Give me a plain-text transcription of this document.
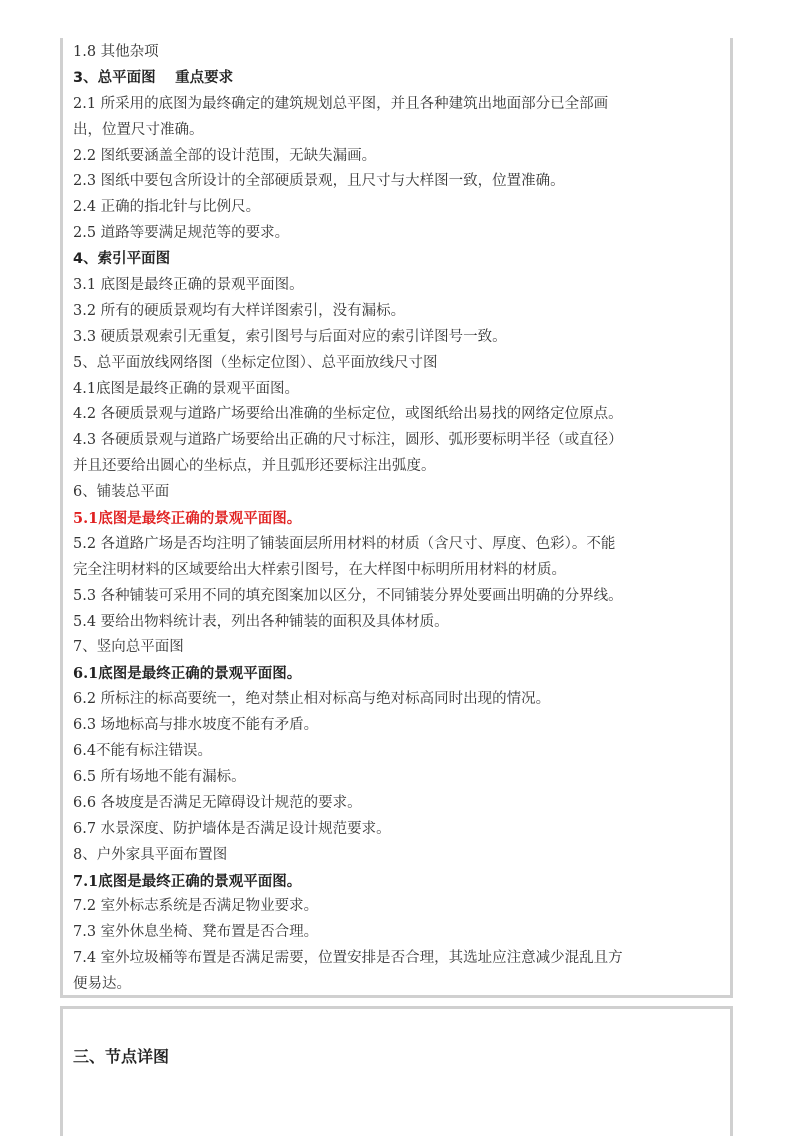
1.8 其他杂项
3、总平面图　 重点要求
2.1 所采用的底图为最终确定的建筑规划总平图，并且各种建筑出地面部分已全部画
出，位置尺寸准确。
2.2 图纸要涵盖全部的设计范围，无缺失漏画。
2.3 图纸中要包含所设计的全部硬质景观，且尺寸与大样图一致，位置准确。
2.4 正确的指北针与比例尺。
2.5 道路等要满足规范等的要求。
4、索引平面图
3.1 底图是最终正确的景观平面图。
3.2 所有的硬质景观均有大样详图索引，没有漏标。
3.3 硬质景观索引无重复，索引图号与后面对应的索引详图号一致。
5、总平面放线网络图（坐标定位图）、总平面放线尺寸图
4.1底图是最终正确的景观平面图。
4.2 各硬质景观与道路广场要给出准确的坐标定位，或图纸给出易找的网络定位原点。
4.3 各硬质景观与道路广场要给出正确的尺寸标注，圆形、弧形要标明半径（或直径）
并且还要给出圆心的坐标点，并且弧形还要标注出弧度。
6、铺装总平面
5.1底图是最终正确的景观平面图。
5.2 各道路广场是否均注明了铺装面层所用材料的材质（含尺寸、厚度、色彩）。不能
完全注明材料的区域要给出大样索引图号，在大样图中标明所用材料的材质。
5.3 各种铺装可采用不同的填充图案加以区分，不同铺装分界处要画出明确的分界线。
5.4 要给出物料统计表，列出各种铺装的面积及具体材质。
7、竖向总平面图
6.1底图是最终正确的景观平面图。
6.2 所标注的标高要统一，绝对禁止相对标高与绝对标高同时出现的情况。
6.3 场地标高与排水坡度不能有矛盾。
6.4不能有标注错误。
6.5 所有场地不能有漏标。
6.6 各坡度是否满足无障碍设计规范的要求。
6.7 水景深度、防护墙体是否满足设计规范要求。
8、户外家具平面布置图
7.1底图是最终正确的景观平面图。
7.2 室外标志系统是否满足物业要求。
7.3 室外休息坐椅、凳布置是否合理。
7.4 室外垃圾桶等布置是否满足需要，位置安排是否合理，其选址应注意减少混乱且方
便易达。
三、节点详图
